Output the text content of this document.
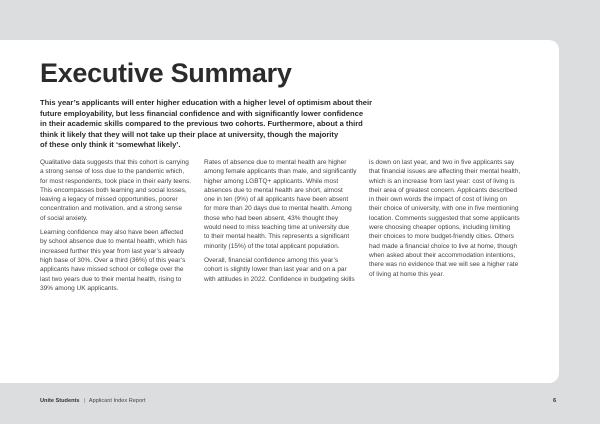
Executive Summary
This year’s applicants will enter higher education with a higher level of optimism about their
future employability, but less financial confidence and with significantly lower confidence
in their academic skills compared to the previous two cohorts. Furthermore, about a third
think it likely that they will not take up their place at university, though the majority
of these only think it ‘somewhat likely’.

Qualitative data suggests that this cohort is carrying
a strong sense of loss due to the pandemic which,
for most respondents, took place in their early teens.
This encompasses both learning and social losses,
leaving a legacy of missed opportunities, poorer
concentration and motivation, and a strong sense
of social anxiety.

Learning confidence may also have been affected
by school absence due to mental health, which has
increased further this year from last year’s already
high base of 30%. Over a third (36%) of this year’s
applicants have missed school or college over the
last two years due to their mental health, rising to
39% among UK applicants.

Rates of absence due to mental health are higher
among female applicants than male, and significantly
higher among LGBTQ+ applicants. While most
absences due to mental health are short, almost
one in ten (9%) of all applicants have been absent
for more than 20 days due to mental health. Among
those who had been absent, 43% thought they
would need to miss teaching time at university due
to their mental health. This represents a significant
minority (15%) of the total applicant population.

Overall, financial confidence among this year’s
cohort is slightly lower than last year and on a par
with attitudes in 2022. Confidence in budgeting skills

is down on last year, and two in five applicants say
that financial issues are affecting their mental health,
which is an increase from last year: cost of living is
their area of greatest concern. Applicants described
in their own words the impact of cost of living on
their choice of university, with one in five mentioning
location. Comments suggested that some applicants
were choosing cheaper options, including limiting
their choices to more budget-friendly cities. Others
had made a financial choice to live at home, though
when asked about their accommodation intentions,
there was no evidence that we will see a higher rate
of living at home this year.

Unite Students | Applicant Index Report	6
